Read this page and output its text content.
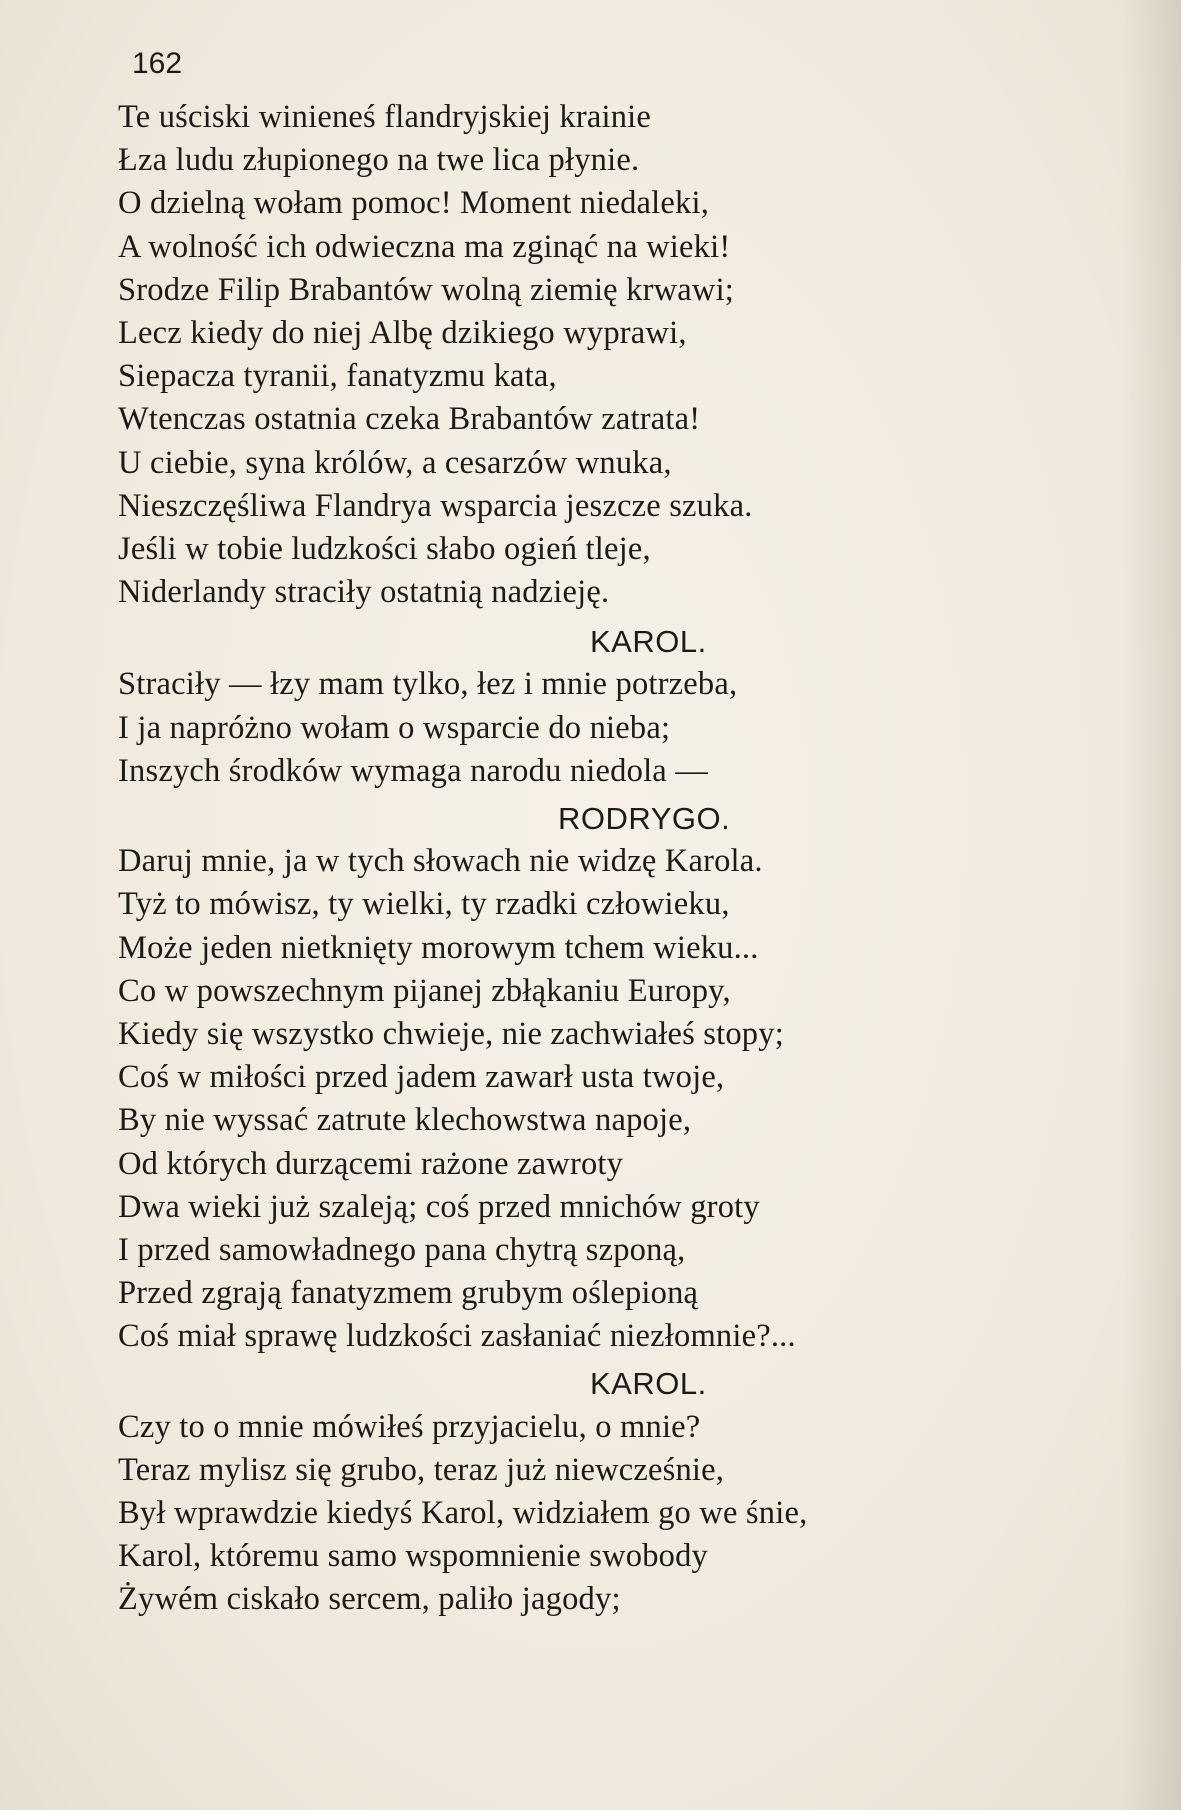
162

Te uściski winieneś flandryjskiej krainie

Łza ludu złupionego na twe lica płynie.

O dzielną wołam pomoc! Moment niedaleki,

A wolność ich odwieczna ma zginąć na wieki!

Srodze Filip Brabantów wolną ziemię krwawi;

Lecz kiedy do niej Albę dzikiego wyprawi,

Siepacza tyranii, fanatyzmu kata,

Wtenczas ostatnia czeka Brabantów zatrata!

U ciebie, syna królów, a cesarzów wnuka,

Nieszczęśliwa Flandrya wsparcia jeszcze szuka.

Jeśli w tobie ludzkości słabo ogień tleje,

Niderlandy straciły ostatnią nadzieję.

KAROL.

Straciły — łzy mam tylko, łez i mnie potrzeba,

I ja napróżno wołam o wsparcie do nieba;

Inszych środków wymaga narodu niedola —

RODRYGO.

Daruj mnie, ja w tych słowach nie widzę Karola.

Tyż to mówisz, ty wielki, ty rzadki człowieku,

Może jeden nietknięty morowym tchem wieku...

Co w powszechnym pijanej zbłąkaniu Europy,

Kiedy się wszystko chwieje, nie zachwiałeś stopy;

Coś w miłości przed jadem zawarł usta twoje,

By nie wyssać zatrute klechowstwa napoje,

Od których durzącemi rażone zawroty

Dwa wieki już szaleją; coś przed mnichów groty

I przed samowładnego pana chytrą szponą,

Przed zgrają fanatyzmem grubym oślepioną

Coś miał sprawę ludzkości zasłaniać niezłomnie?...

KAROL.

Czy to o mnie mówiłeś przyjacielu, o mnie?

Teraz mylisz się grubo, teraz już niewcześnie,

Był wprawdzie kiedyś Karol, widziałem go we śnie,

Karol, któremu samo wspomnienie swobody

Żywém ciskało sercem, paliło jagody;
